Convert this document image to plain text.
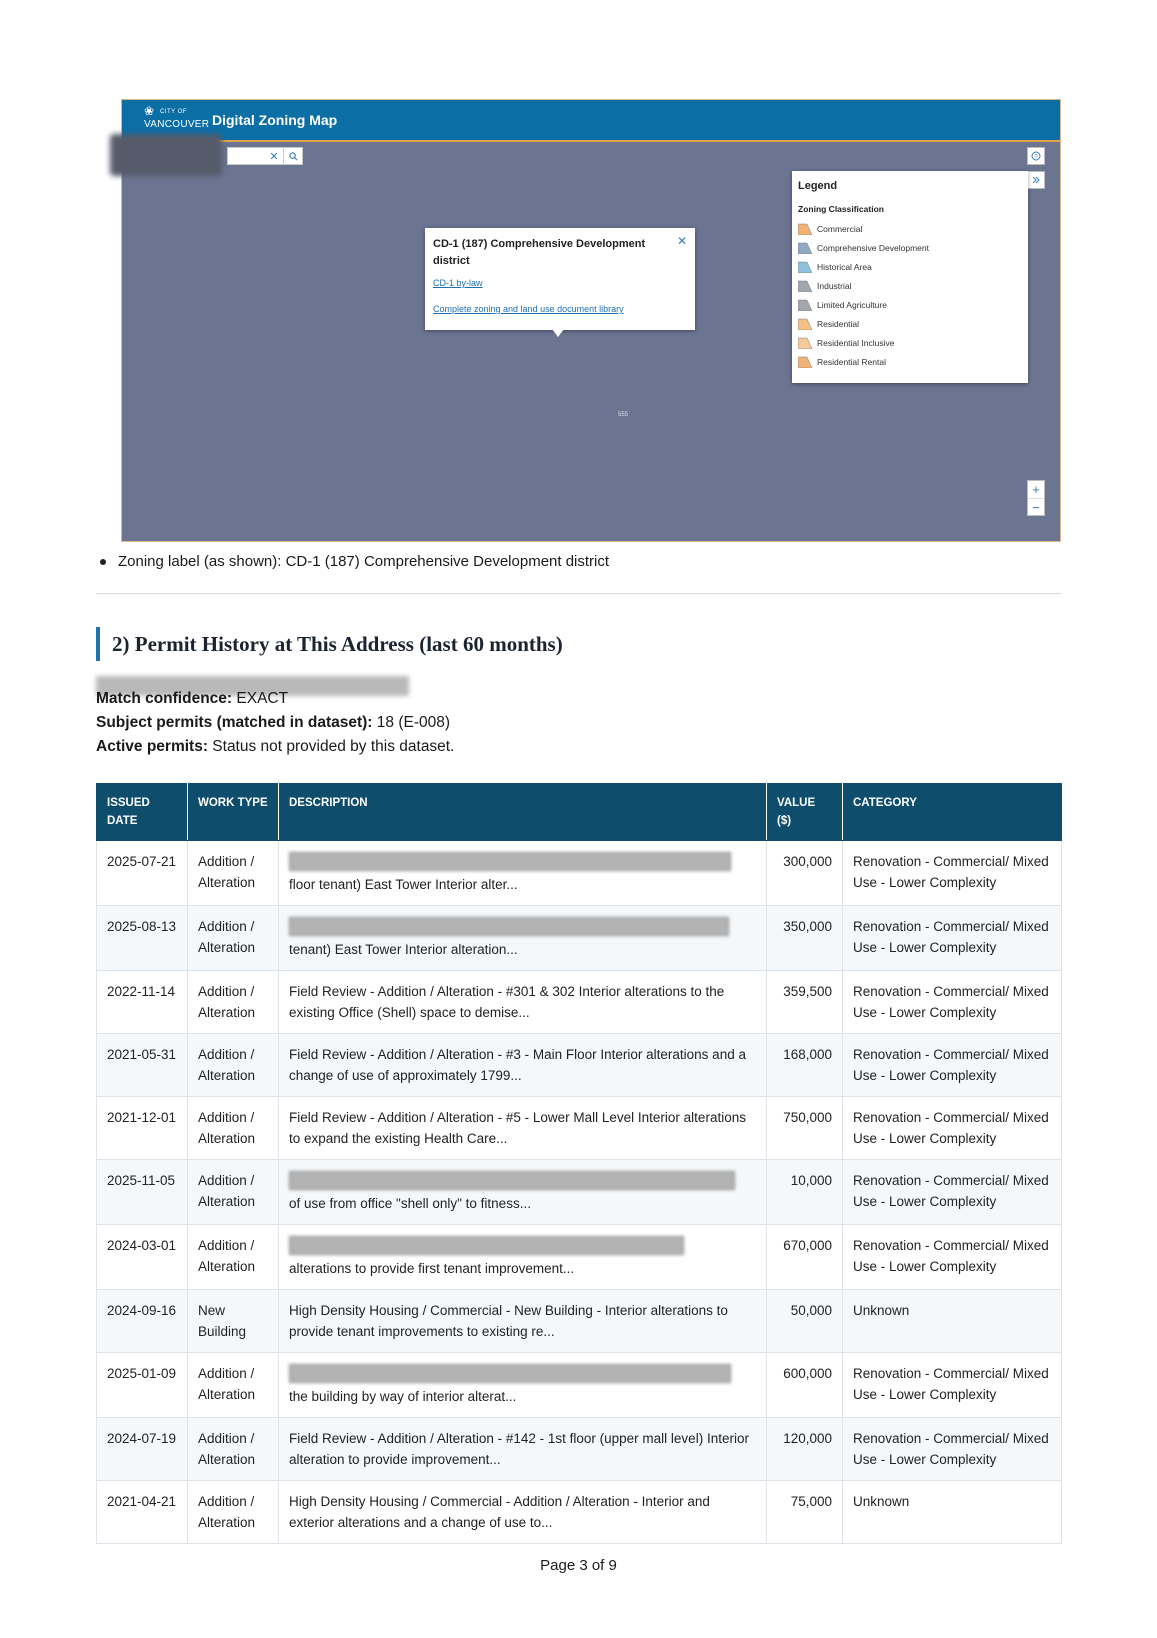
❀ CITY OF
VANCOUVER Digital Zoning Map
✕	?
CD-1 (187) Comprehensive Development district
✕
CD-1 by-law
Complete zoning and land use document library
Legend
Zoning Classification
Commercial
Comprehensive Development
Historical Area
Industrial
Limited Agriculture
Residential
Residential Inclusive
Residential Rental
555
+
−
Zoning label (as shown): CD-1 (187) Comprehensive Development district
2) Permit History at This Address (last 60 months)
Match confidence: EXACT
Subject permits (matched in dataset): 18 (E-008)
Active permits: Status not provided by this dataset.
ISSUED DATE	WORK TYPE	DESCRIPTION	VALUE ($)	CATEGORY
2025-07-21	Addition / Alteration	floor tenant) East Tower Interior alter...	300,000	Renovation - Commercial/ Mixed Use - Lower Complexity
2025-08-13	Addition / Alteration	tenant) East Tower Interior alteration...	350,000	Renovation - Commercial/ Mixed Use - Lower Complexity
2022-11-14	Addition / Alteration	Field Review - Addition / Alteration - #301 & 302 Interior alterations to the existing Office (Shell) space to demise...	359,500	Renovation - Commercial/ Mixed Use - Lower Complexity
2021-05-31	Addition / Alteration	Field Review - Addition / Alteration - #3 - Main Floor Interior alterations and a change of use of approximately 1799...	168,000	Renovation - Commercial/ Mixed Use - Lower Complexity
2021-12-01	Addition / Alteration	Field Review - Addition / Alteration - #5 - Lower Mall Level Interior alterations to expand the existing Health Care...	750,000	Renovation - Commercial/ Mixed Use - Lower Complexity
2025-11-05	Addition / Alteration	of use from office "shell only" to fitness...	10,000	Renovation - Commercial/ Mixed Use - Lower Complexity
2024-03-01	Addition / Alteration	alterations to provide first tenant improvement...	670,000	Renovation - Commercial/ Mixed Use - Lower Complexity
2024-09-16	New Building	High Density Housing / Commercial - New Building - Interior alterations to provide tenant improvements to existing re...	50,000	Unknown
2025-01-09	Addition / Alteration	the building by way of interior alterat...	600,000	Renovation - Commercial/ Mixed Use - Lower Complexity
2024-07-19	Addition / Alteration	Field Review - Addition / Alteration - #142 - 1st floor (upper mall level) Interior alteration to provide improvement...	120,000	Renovation - Commercial/ Mixed Use - Lower Complexity
2021-04-21	Addition / Alteration	High Density Housing / Commercial - Addition / Alteration - Interior and exterior alterations and a change of use to...	75,000	Unknown
Page 3 of 9
